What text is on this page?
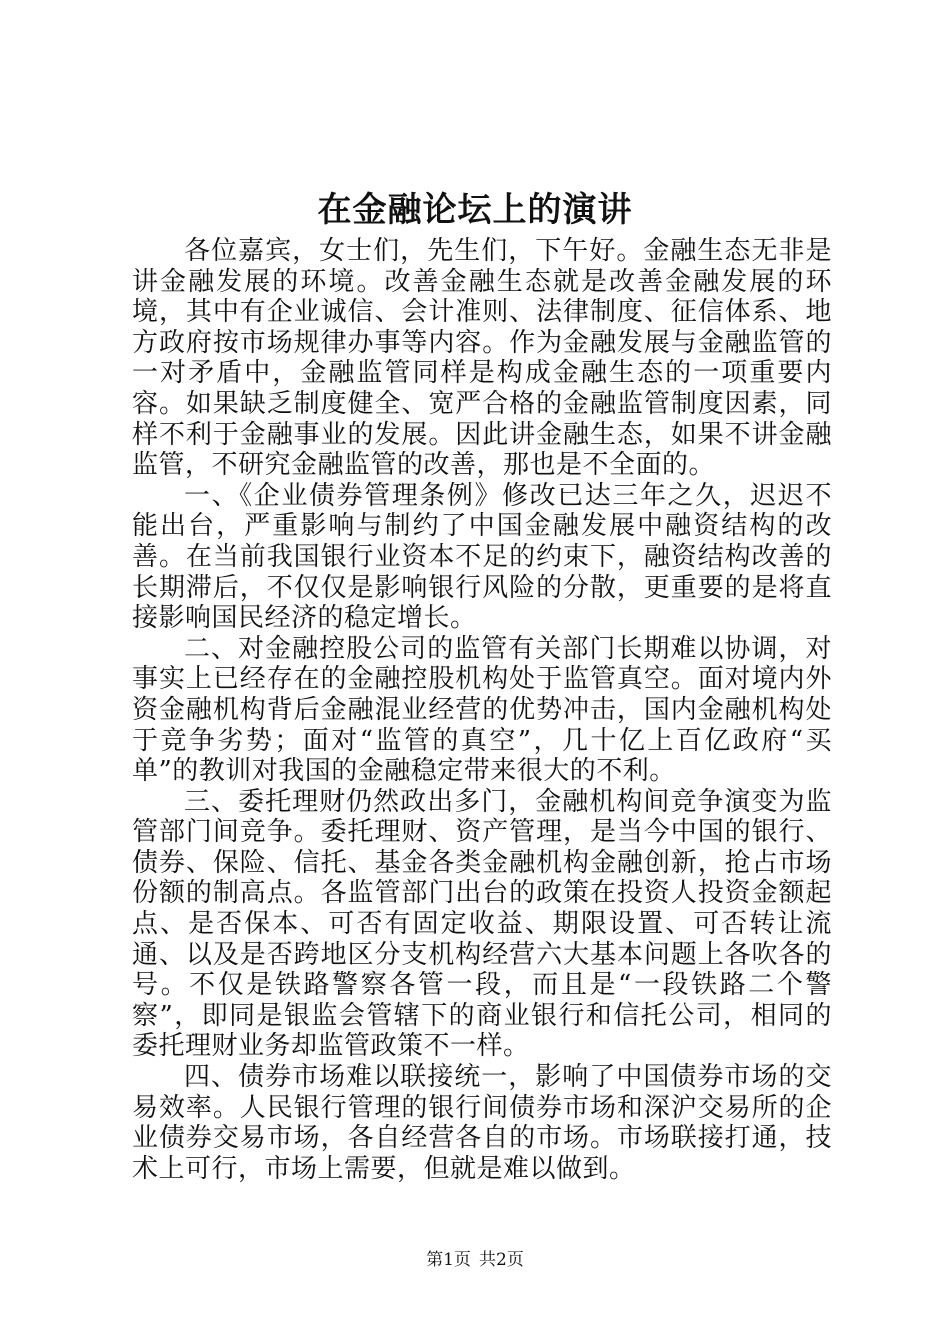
在金融论坛上的演讲

各位嘉宾，女士们，先生们，下午好。金融生态无非是讲金融发展的环境。改善金融生态就是改善金融发展的环境，其中有企业诚信、会计准则、法律制度、征信体系、地方政府按市场规律办事等内容。作为金融发展与金融监管的一对矛盾中，金融监管同样是构成金融生态的一项重要内容。如果缺乏制度健全、宽严合格的金融监管制度因素，同样不利于金融事业的发展。因此讲金融生态，如果不讲金融监管，不研究金融监管的改善，那也是不全面的。

一、《企业债券管理条例》修改已达三年之久，迟迟不能出台，严重影响与制约了中国金融发展中融资结构的改善。在当前我国银行业资本不足的约束下，融资结构改善的长期滞后，不仅仅是影响银行风险的分散，更重要的是将直接影响国民经济的稳定增长。

二、对金融控股公司的监管有关部门长期难以协调，对事实上已经存在的金融控股机构处于监管真空。面对境内外资金融机构背后金融混业经营的优势冲击，国内金融机构处于竞争劣势；面对“监管的真空”，几十亿上百亿政府“买单”的教训对我国的金融稳定带来很大的不利。

三、委托理财仍然政出多门，金融机构间竞争演变为监管部门间竞争。委托理财、资产管理，是当今中国的银行、债券、保险、信托、基金各类金融机构金融创新，抢占市场份额的制高点。各监管部门出台的政策在投资人投资金额起点、是否保本、可否有固定收益、期限设置、可否转让流通、以及是否跨地区分支机构经营六大基本问题上各吹各的号。不仅是铁路警察各管一段，而且是“一段铁路二个警察”，即同是银监会管辖下的商业银行和信托公司，相同的委托理财业务却监管政策不一样。

四、债券市场难以联接统一，影响了中国债券市场的交易效率。人民银行管理的银行间债券市场和深沪交易所的企业债券交易市场，各自经营各自的市场。市场联接打通，技术上可行，市场上需要，但就是难以做到。

第1页 共2页
